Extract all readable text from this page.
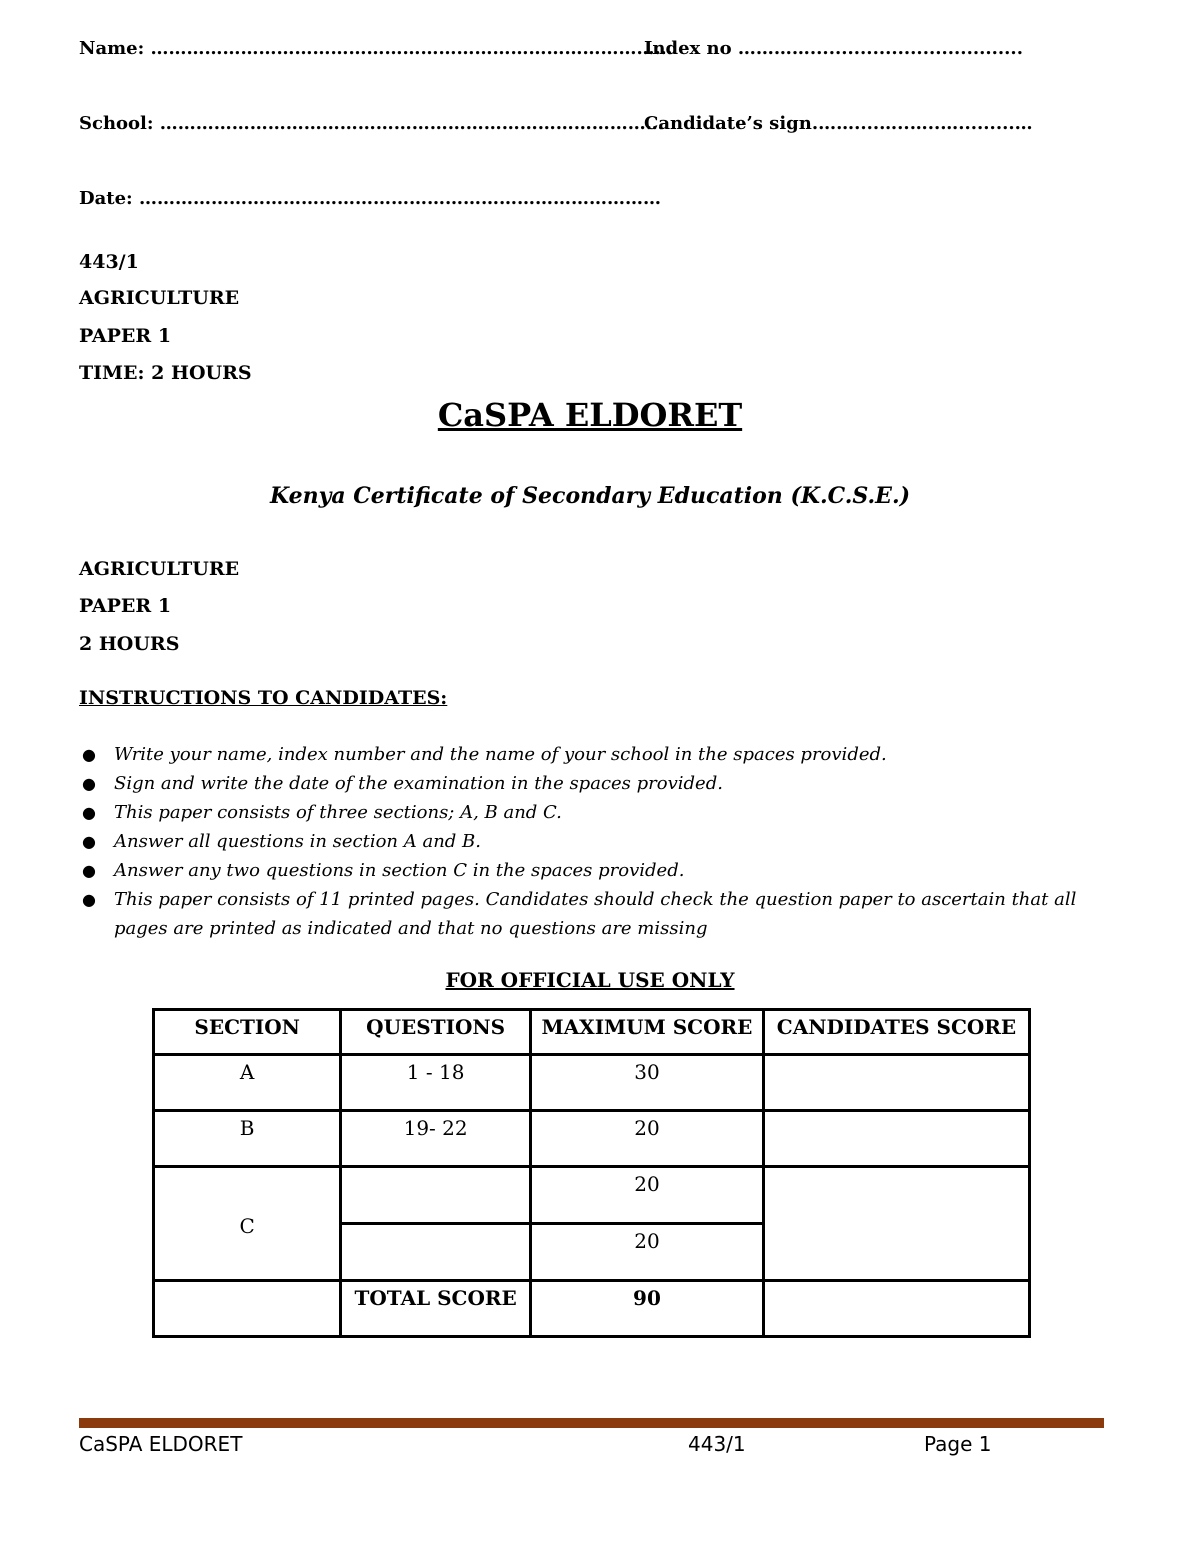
Name: ……………………………………………………………………………
Index no …………..................................
School: …………………………………………………………………………
Candidate’s sign.……....…..…..….........…
Date: ……………………………………………………………………………
443/1
AGRICULTURE
PAPER 1
TIME: 2 HOURS
CaSPA ELDORET
Kenya Certificate of Secondary Education (K.C.S.E.)
AGRICULTURE
PAPER 1
2 HOURS
INSTRUCTIONS TO CANDIDATES:
● Write your name, index number and the name of your school in the spaces provided.
● Sign and write the date of the examination in the spaces provided.
● This paper consists of three sections; A, B and C.
● Answer all questions in section A and B.
● Answer any two questions in section C in the spaces provided.
● This paper consists of 11 printed pages. Candidates should check the question paper to ascertain that all pages are printed as indicated and that no questions are missing
FOR OFFICIAL USE ONLY
SECTION	QUESTIONS	MAXIMUM SCORE	CANDIDATES SCORE
A	1 - 18	30	
B	19- 22	20	
C		20	
		20	
	TOTAL SCORE	90	
CaSPA ELDORET	443/1	Page 1
